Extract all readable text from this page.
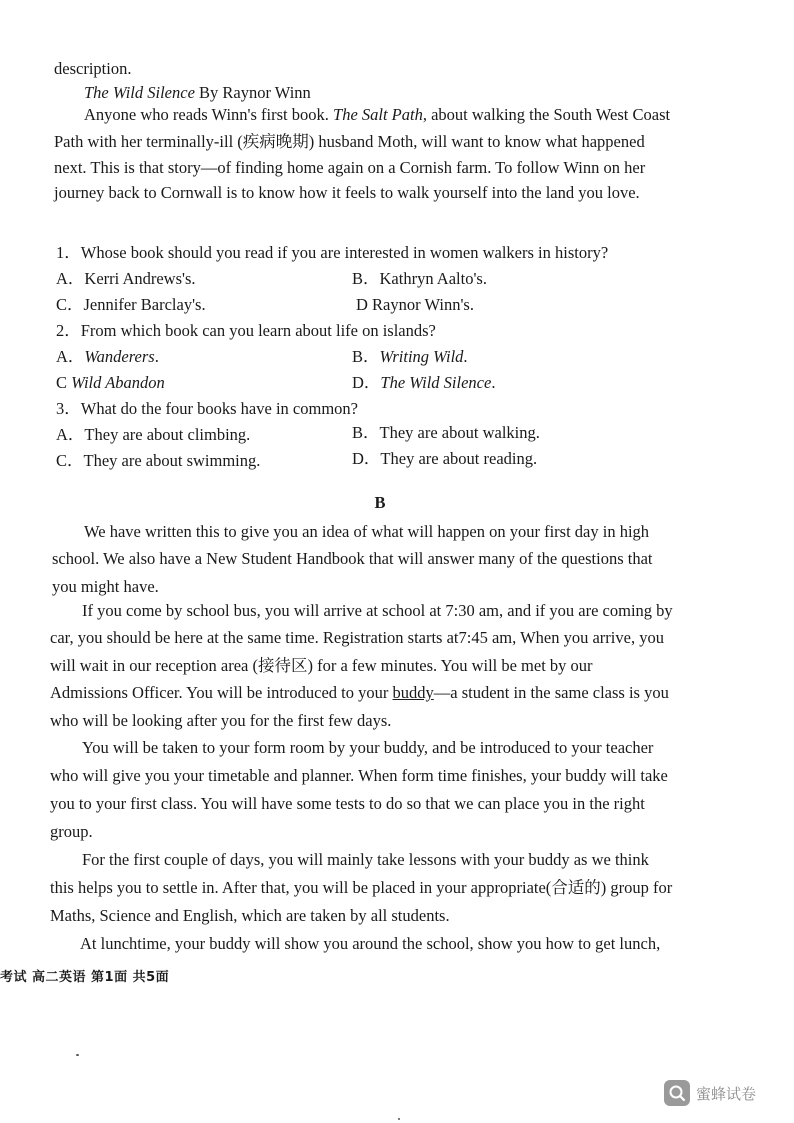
description.
The Wild Silence By Raynor Winn
Anyone who reads Winn's first book. The Salt Path, about walking the South West Coast
Path with her terminally-ill (疾病晚期) husband Moth, will want to know what happened
next. This is that story—of finding home again on a Cornish farm. To follow Winn on her
journey back to Cornwall is to know how it feels to walk yourself into the land you love.
1．Whose book should you read if you are interested in women walkers in history?
A．Kerri Andrews's.	B．Kathryn Aalto's.
C．Jennifer Barclay's.	D Raynor Winn's.
2．From which book can you learn about life on islands?
A．Wanderers.	B．Writing Wild.
C Wild Abandon	D．The Wild Silence.
3．What do the four books have in common?
A．They are about climbing.	B．They are about walking.
C．They are about swimming.	D．They are about reading.
B
We have written this to give you an idea of what will happen on your first day in high
school. We also have a New Student Handbook that will answer many of the questions that
you might have.
If you come by school bus, you will arrive at school at 7:30 am, and if you are coming by
car, you should be here at the same time. Registration starts at7:45 am, When you arrive, you
will wait in our reception area (接待区) for a few minutes. You will be met by our
Admissions Officer. You will be introduced to your buddy—a student in the same class is you
who will be looking after you for the first few days.
You will be taken to your form room by your buddy, and be introduced to your teacher
who will give you your timetable and planner. When form time finishes, your buddy will take
you to your first class. You will have some tests to do so that we can place you in the right
group.
For the first couple of days, you will mainly take lessons with your buddy as we think
this helps you to settle in. After that, you will be placed in your appropriate(合适的) group for
Maths, Science and English, which are taken by all students.
At lunchtime, your buddy will show you around the school, show you how to get lunch,
考试 高二英语 第1面 共5面
蜜蜂试卷
